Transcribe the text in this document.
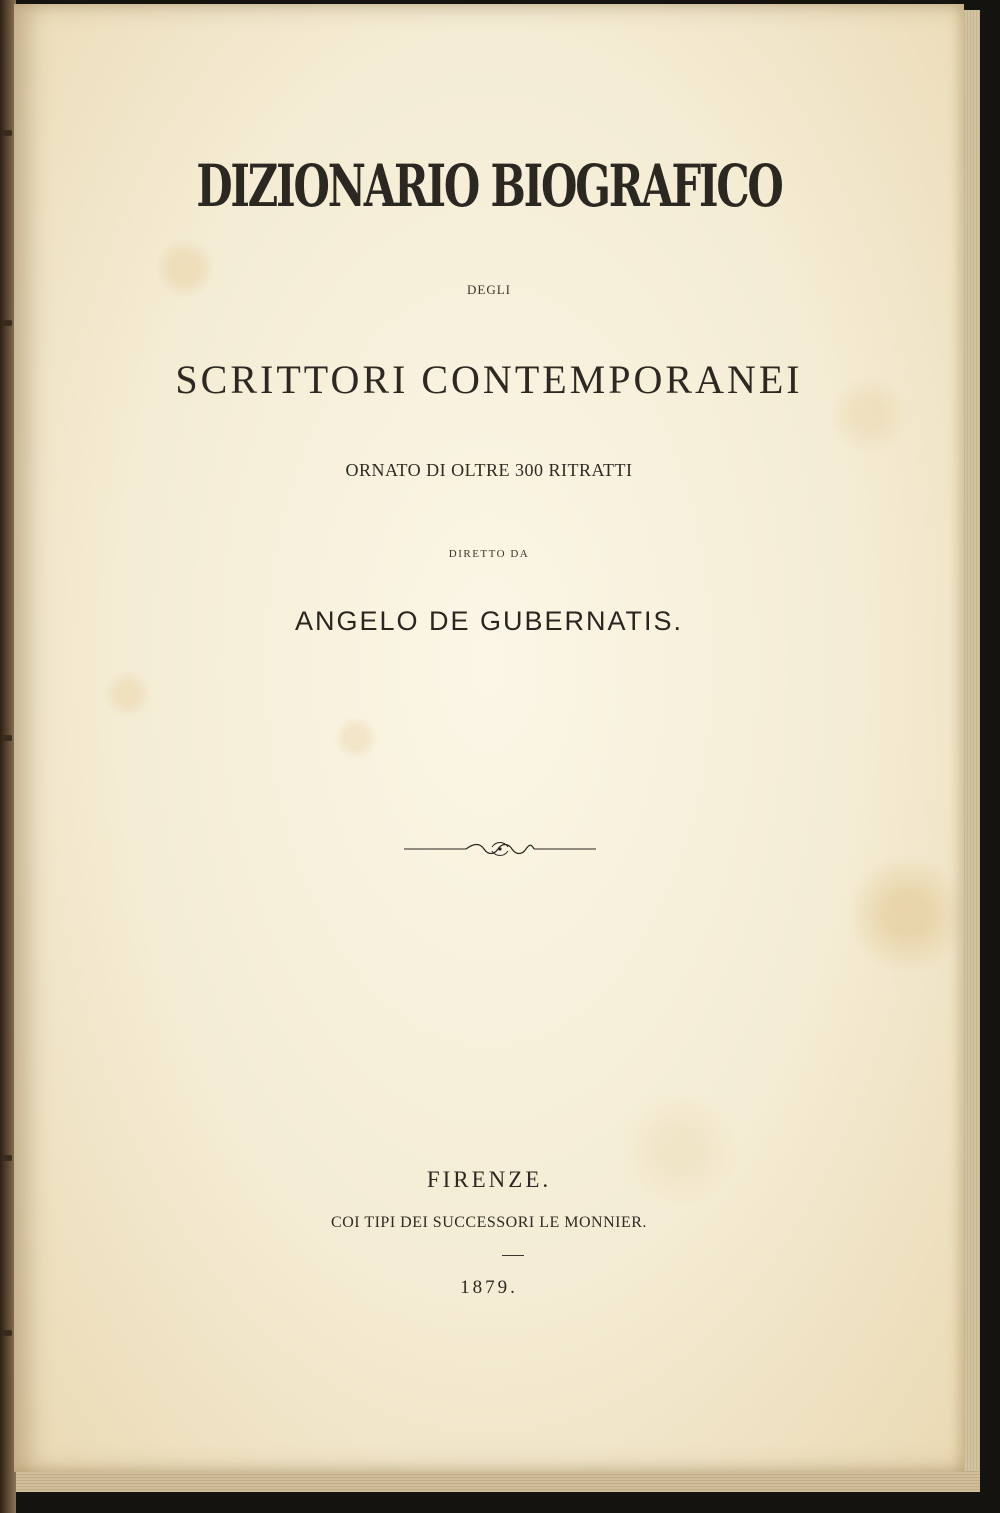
DIZIONARIO BIOGRAFICO
DEGLI
SCRITTORI CONTEMPORANEI
ORNATO DI OLTRE 300 RITRATTI
DIRETTO DA
ANGELO DE GUBERNATIS.
FIRENZE.
COI TIPI DEI SUCCESSORI LE MONNIER.
1879.
